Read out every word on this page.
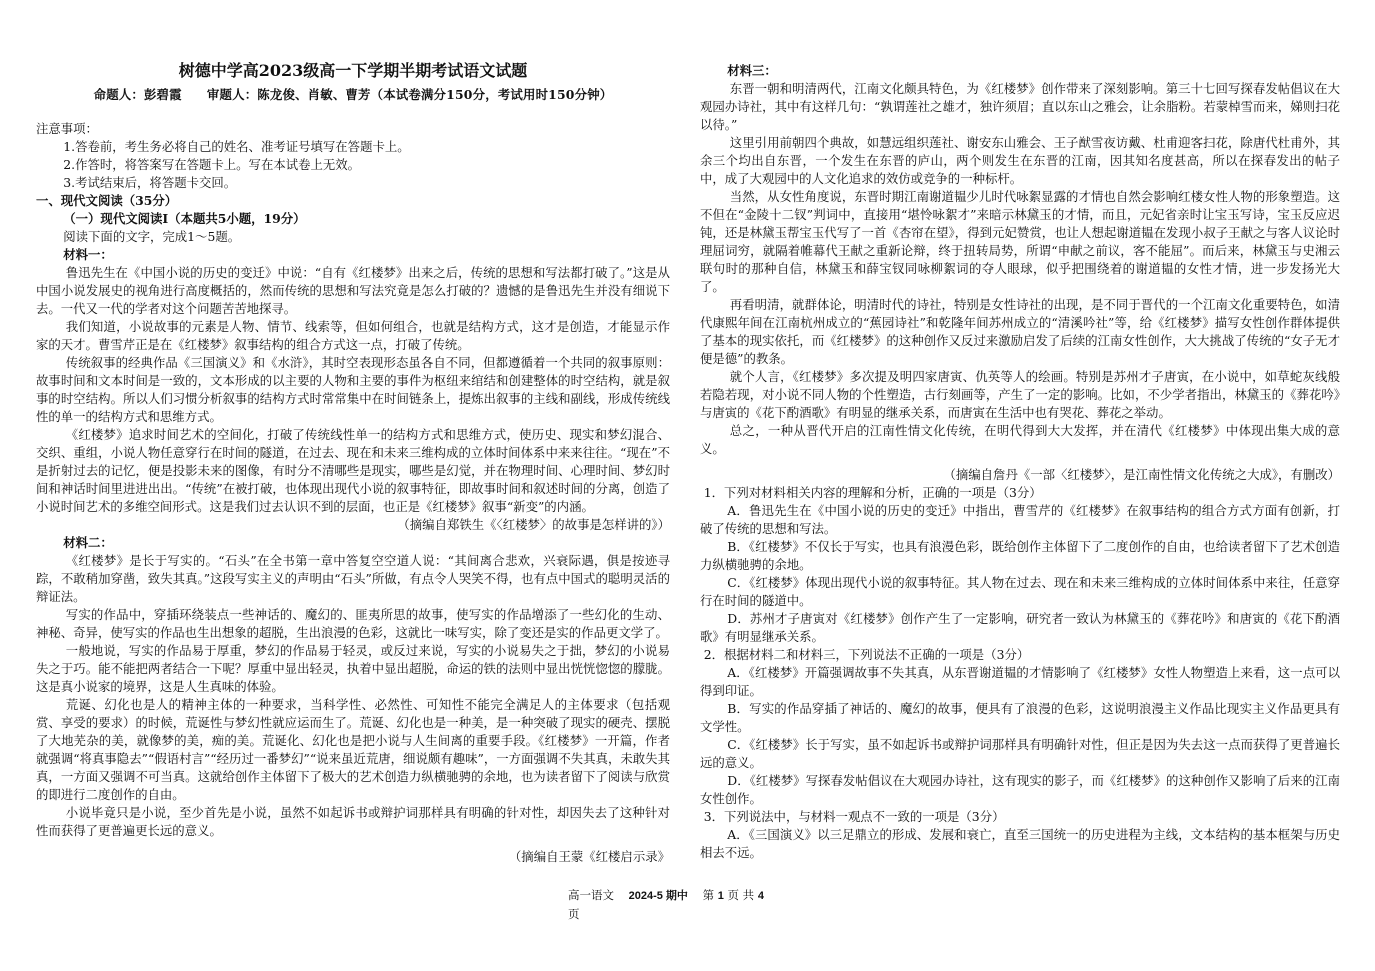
树德中学高2023级高一下学期半期考试语文试题
命题人：彭碧霞　　审题人：陈龙俊、肖敏、曹芳（本试卷满分150分，考试用时150分钟）

注意事项：

1.答卷前，考生务必将自己的姓名、准考证号填写在答题卡上。

2.作答时，将答案写在答题卡上。写在本试卷上无效。

3.考试结束后，将答题卡交回。

一、现代文阅读（35分）

（一）现代文阅读Ⅰ（本题共5小题，19分）

阅读下面的文字，完成1～5题。

材料一：

鲁迅先生在《中国小说的历史的变迁》中说：“自有《红楼梦》出来之后，传统的思想和写法都打破了。”这是从中国小说发展史的视角进行高度概括的，然而传统的思想和写法究竟是怎么打破的？遗憾的是鲁迅先生并没有细说下去。一代又一代的学者对这个问题苦苦地探寻。

我们知道，小说故事的元素是人物、情节、线索等，但如何组合，也就是结构方式，这才是创造，才能显示作家的天才。曹雪芹正是在《红楼梦》叙事结构的组合方式这一点，打破了传统。

传统叙事的经典作品《三国演义》和《水浒》，其时空表现形态虽各自不同，但都遵循着一个共同的叙事原则：故事时间和文本时间是一致的，文本形成的以主要的人物和主要的事件为枢纽来绾结和创建整体的时空结构，就是叙事的时空结构。所以人们习惯分析叙事的结构方式时常常集中在时间链条上，提炼出叙事的主线和副线，形成传统线性的单一的结构方式和思维方式。

《红楼梦》追求时间艺术的空间化，打破了传统线性单一的结构方式和思维方式，使历史、现实和梦幻混合、交织、重组，小说人物任意穿行在时间的隧道，在过去、现在和未来三维构成的立体时间体系中来来往往。“现在”不是折射过去的记忆，便是投影未来的图像，有时分不清哪些是现实，哪些是幻觉，并在物理时间、心理时间、梦幻时间和神话时间里进进出出。“传统”在被打破，也体现出现代小说的叙事特征，即故事时间和叙述时间的分离，创造了小说时间艺术的多维空间形式。这是我们过去认识不到的层面，也正是《红楼梦》叙事“新变”的内涵。

（摘编自郑铁生《〈红楼梦〉的故事是怎样讲的》）

材料二：

《红楼梦》是长于写实的。“石头”在全书第一章中答复空空道人说：“其间离合悲欢，兴衰际遇，俱是按迹寻踪，不敢稍加穿凿，致失其真。”这段写实主义的声明由“石头”所做，有点令人哭笑不得，也有点中国式的聪明灵活的辩证法。

写实的作品中，穿插环绕装点一些神话的、魔幻的、匪夷所思的故事，使写实的作品增添了一些幻化的生动、神秘、奇异，使写实的作品也生出想象的超脱，生出浪漫的色彩，这就比一味写实，除了变还是实的作品更文学了。

一般地说，写实的作品易于厚重，梦幻的作品易于轻灵，或反过来说，写实的小说易失之于拙，梦幻的小说易失之于巧。能不能把两者结合一下呢？厚重中显出轻灵，执着中显出超脱，命运的铁的法则中显出恍恍惚惚的朦胧。这是真小说家的境界，这是人生真味的体验。

荒诞、幻化也是人的精神主体的一种要求，当科学性、必然性、可知性不能完全满足人的主体要求（包括观赏、享受的要求）的时候，荒诞性与梦幻性就应运而生了。荒诞、幻化也是一种美，是一种突破了现实的硬壳、摆脱了大地芜杂的美，就像梦的美，痴的美。荒诞化、幻化也是把小说与人生间离的重要手段。《红楼梦》一开篇，作者就强调“将真事隐去”“假语村言”“经历过一番梦幻”“说来虽近荒唐，细说颇有趣味”，一方面强调不失其真，未敢失其真，一方面又强调不可当真。这就给创作主体留下了极大的艺术创造力纵横驰骋的余地，也为读者留下了阅读与欣赏的即进行二度创作的自由。

小说毕竟只是小说，至少首先是小说，虽然不如起诉书或辩护词那样具有明确的针对性，却因失去了这种针对性而获得了更普遍更长远的意义。

（摘编自王蒙《红楼启示录》

材料三：

东晋一朝和明清两代，江南文化颇具特色，为《红楼梦》创作带来了深刻影响。第三十七回写探春发帖倡议在大观园办诗社，其中有这样几句：“孰谓莲社之雄才，独许须眉；直以东山之雅会，让余脂粉。若蒙棹雪而来，娣则扫花以待。”

这里引用前朝四个典故，如慧远组织莲社、谢安东山雅会、王子猷雪夜访戴、杜甫迎客扫花，除唐代杜甫外，其余三个均出自东晋，一个发生在东晋的庐山，两个则发生在东晋的江南，因其知名度甚高，所以在探春发出的帖子中，成了大观园中的人文化追求的效仿或竞争的一种标杆。

当然，从女性角度说，东晋时期江南谢道韫少儿时代咏絮显露的才情也自然会影响红楼女性人物的形象塑造。这不但在“金陵十二钗”判词中，直接用“堪怜咏絮才”来暗示林黛玉的才情，而且，元妃省亲时让宝玉写诗，宝玉反应迟钝，还是林黛玉帮宝玉代写了一首《杏帘在望》，得到元妃赞赏，也让人想起谢道韫在发现小叔子王献之与客人议论时理屈词穷，就隔着帷幕代王献之重新论辩，终于扭转局势，所谓“申献之前议，客不能屈”。而后来，林黛玉与史湘云联句时的那种自信，林黛玉和薛宝钗同咏柳絮词的夺人眼球，似乎把围绕着的谢道韫的女性才情，进一步发扬光大了。

再看明清，就群体论，明清时代的诗社，特别是女性诗社的出现，是不同于晋代的一个江南文化重要特色，如清代康熙年间在江南杭州成立的“蕉园诗社”和乾隆年间苏州成立的“清溪吟社”等，给《红楼梦》描写女性创作群体提供了基本的现实依托，而《红楼梦》的这种创作又反过来激励启发了后续的江南女性创作，大大挑战了传统的“女子无才便是德”的教条。

就个人言，《红楼梦》多次提及明四家唐寅、仇英等人的绘画。特别是苏州才子唐寅，在小说中，如草蛇灰线般若隐若现，对小说不同人物的个性塑造，古行刻画等，产生了一定的影响。比如，不少学者指出，林黛玉的《葬花吟》与唐寅的《花下酌酒歌》有明显的继承关系，而唐寅在生活中也有哭花、葬花之举动。

总之，一种从晋代开启的江南性情文化传统，在明代得到大大发挥，并在清代《红楼梦》中体现出集大成的意义。

（摘编自詹丹《一部〈红楼梦〉，是江南性情文化传统之大成》，有删改）

1．下列对材料相关内容的理解和分析，正确的一项是（3分）

A．鲁迅先生在《中国小说的历史的变迁》中指出，曹雪芹的《红楼梦》在叙事结构的组合方式方面有创新，打破了传统的思想和写法。

B．《红楼梦》不仅长于写实，也具有浪漫色彩，既给创作主体留下了二度创作的自由，也给读者留下了艺术创造力纵横驰骋的余地。

C．《红楼梦》体现出现代小说的叙事特征。其人物在过去、现在和未来三维构成的立体时间体系中来往，任意穿行在时间的隧道中。

D．苏州才子唐寅对《红楼梦》创作产生了一定影响，研究者一致认为林黛玉的《葬花吟》和唐寅的《花下酌酒歌》有明显继承关系。

2．根据材料二和材料三，下列说法不正确的一项是（3分）

A．《红楼梦》开篇强调故事不失其真，从东晋谢道韫的才情影响了《红楼梦》女性人物塑造上来看，这一点可以得到印证。

B．写实的作品穿插了神话的、魔幻的故事，便具有了浪漫的色彩，这说明浪漫主义作品比现实主义作品更具有文学性。

C．《红楼梦》长于写实，虽不如起诉书或辩护词那样具有明确针对性，但正是因为失去这一点而获得了更普遍长远的意义。

D．《红楼梦》写探春发帖倡议在大观园办诗社，这有现实的影子，而《红楼梦》的这种创作又影响了后来的江南女性创作。

3．下列说法中，与材料一观点不一致的一项是（3分）

A．《三国演义》以三足鼎立的形成、发展和衰亡，直至三国统一的历史进程为主线，文本结构的基本框架与历史相去不远。

高一语文 2024-5 期中 第 1 页 共 4
页
